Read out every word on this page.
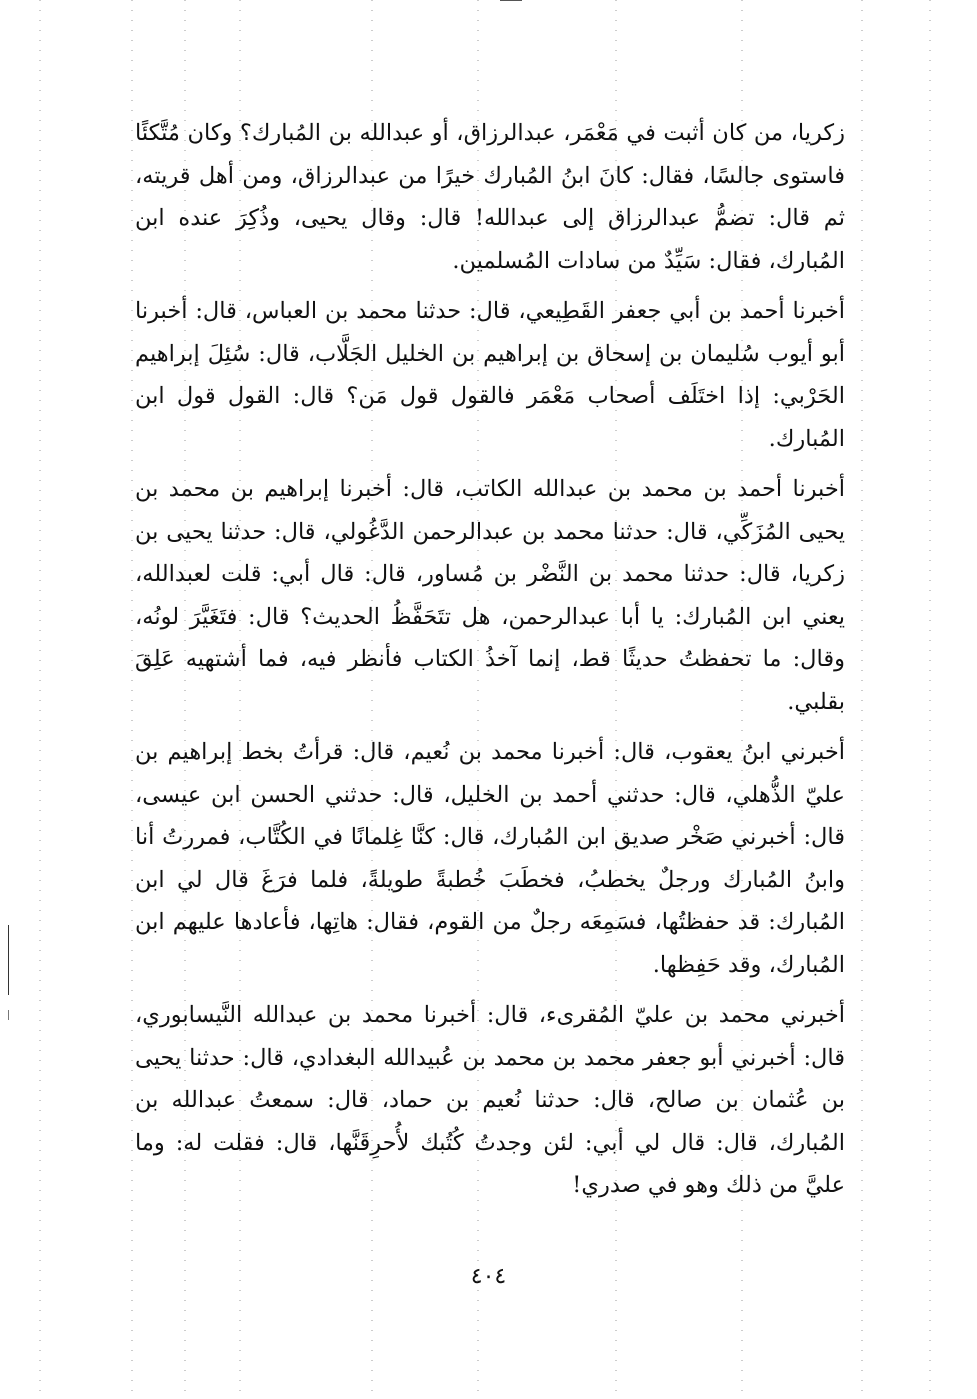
زكريا، من كان أثبت في مَعْمَر، عبدالرزاق، أو عبدالله بن المُبارك؟ وكان مُتَّكئًا فاستوى جالسًا، فقال: كانَ ابنُ المُبارك خيرًا من عبدالرزاق، ومن أهل قريته، ثم قال: تضمُّ عبدالرزاق إلى عبدالله! قال: وقال يحيى، وذُكِرَ عنده ابن المُبارك، فقال: سَيِّدٌ من سادات المُسلمين.

أخبرنا أحمد بن أبي جعفر القَطِيعي، قال: حدثنا محمد بن العباس، قال: أخبرنا أبو أيوب سُليمان بن إسحاق بن إبراهيم بن الخليل الجَلَّاب، قال: سُئِلَ إبراهيم الحَرْبي: إذا اختَلَف أصحاب مَعْمَر فالقول قول مَن؟ قال: القول قول ابن المُبارك.

أخبرنا أحمد بن محمد بن عبدالله الكاتب، قال: أخبرنا إبراهيم بن محمد بن يحيى المُزَكِّي، قال: حدثنا محمد بن عبدالرحمن الدَّغُولي، قال: حدثنا يحيى بن زكريا، قال: حدثنا محمد بن النَّضْر بن مُساور، قال: قال أبي: قلت لعبدالله، يعني ابن المُبارك: يا أبا عبدالرحمن، هل تتَحَفَّظُ الحديث؟ قال: فتَغَيَّرَ لونُه، وقال: ما تحفظتُ حديثًا قط، إنما آخذُ الكتاب فأنظر فيه، فما أشتهيه عَلِقَ بقلبي.

أخبرني ابنُ يعقوب، قال: أخبرنا محمد بن نُعيم، قال: قرأتُ بخط إبراهيم بن عليّ الذُّهلي، قال: حدثني أحمد بن الخليل، قال: حدثني الحسن ابن عيسى، قال: أخبرني صَخْر صديق ابن المُبارك، قال: كنَّا غِلمانًا في الكُتَّاب، فمررتُ أنا وابنُ المُبارك ورجلٌ يخطبُ، فخطَبَ خُطبةً طويلةً، فلما فرَغَ قال لي ابن المُبارك: قد حفظتُها، فسَمِعَه رجلٌ من القوم، فقال: هاتِها، فأعادها عليهم ابن المُبارك، وقد حَفِظها.

أخبرني محمد بن عليّ المُقرىء، قال: أخبرنا محمد بن عبدالله النَّيسابوري، قال: أخبرني أبو جعفر محمد بن محمد بن عُبيدالله البغدادي، قال: حدثنا يحيى بن عُثمان بن صالح، قال: حدثنا نُعيم بن حماد، قال: سمعتُ عبدالله بن المُبارك، قال: قال لي أبي: لئن وجدتُ كُتُبك لأُحرِقَنَّها، قال: فقلت له: وما عليَّ من ذلك وهو في صدري!

٤٠٤
